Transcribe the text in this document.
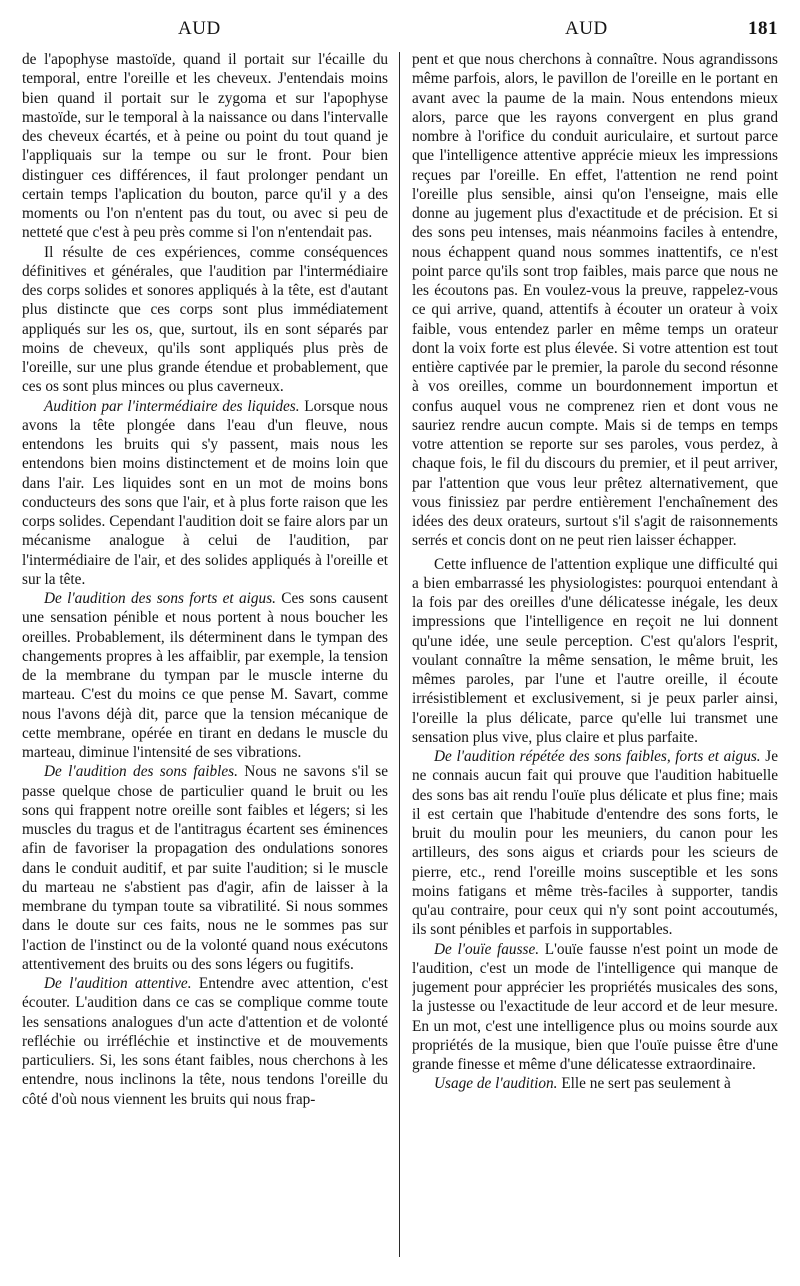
AUD	AUD	181

de l'apophyse mastoïde, quand il portait sur l'écaille du temporal, entre l'oreille et les cheveux. J'entendais moins bien quand il portait sur le zygoma et sur l'apophyse mastoïde, sur le temporal à la naissance ou dans l'intervalle des cheveux écartés, et à peine ou point du tout quand je l'appliquais sur la tempe ou sur le front. Pour bien distinguer ces différences, il faut prolonger pendant un certain temps l'aplication du bouton, parce qu'il y a des moments ou l'on n'entent pas du tout, ou avec si peu de netteté que c'est à peu près comme si l'on n'entendait pas.

Il résulte de ces expériences, comme conséquences définitives et générales, que l'audition par l'intermédiaire des corps solides et sonores appliqués à la tête, est d'autant plus distincte que ces corps sont plus immédiatement appliqués sur les os, que, surtout, ils en sont séparés par moins de cheveux, qu'ils sont appliqués plus près de l'oreille, sur une plus grande étendue et probablement, que ces os sont plus minces ou plus caverneux.

Audition par l'intermédiaire des liquides. Lorsque nous avons la tête plongée dans l'eau d'un fleuve, nous entendons les bruits qui s'y passent, mais nous les entendons bien moins distinctement et de moins loin que dans l'air. Les liquides sont en un mot de moins bons conducteurs des sons que l'air, et à plus forte raison que les corps solides. Cependant l'audition doit se faire alors par un mécanisme analogue à celui de l'audition, par l'intermédiaire de l'air, et des solides appliqués à l'oreille et sur la tête.

De l'audition des sons forts et aigus. Ces sons causent une sensation pénible et nous portent à nous boucher les oreilles. Probablement, ils déterminent dans le tympan des changements propres à les affaiblir, par exemple, la tension de la membrane du tympan par le muscle interne du marteau. C'est du moins ce que pense M. Savart, comme nous l'avons déjà dit, parce que la tension mécanique de cette membrane, opérée en tirant en dedans le muscle du marteau, diminue l'intensité de ses vibrations.

De l'audition des sons faibles. Nous ne savons s'il se passe quelque chose de particulier quand le bruit ou les sons qui frappent notre oreille sont faibles et légers; si les muscles du tragus et de l'antitragus écartent ses éminences afin de favoriser la propagation des ondulations sonores dans le conduit auditif, et par suite l'audition; si le muscle du marteau ne s'abstient pas d'agir, afin de laisser à la membrane du tympan toute sa vibratilité. Si nous sommes dans le doute sur ces faits, nous ne le sommes pas sur l'action de l'instinct ou de la volonté quand nous exécutons attentivement des bruits ou des sons légers ou fugitifs.

De l'audition attentive. Entendre avec attention, c'est écouter. L'audition dans ce cas se complique comme toute les sensations analogues d'un acte d'attention et de volonté refléchie ou irréfléchie et instinctive et de mouvements particuliers. Si, les sons étant faibles, nous cherchons à les entendre, nous inclinons la tête, nous tendons l'oreille du côté d'où nous viennent les bruits qui nous frap-

pent et que nous cherchons à connaître. Nous agrandissons même parfois, alors, le pavillon de l'oreille en le portant en avant avec la paume de la main. Nous entendons mieux alors, parce que les rayons convergent en plus grand nombre à l'orifice du conduit auriculaire, et surtout parce que l'intelligence attentive apprécie mieux les impressions reçues par l'oreille. En effet, l'attention ne rend point l'oreille plus sensible, ainsi qu'on l'enseigne, mais elle donne au jugement plus d'exactitude et de précision. Et si des sons peu intenses, mais néanmoins faciles à entendre, nous échappent quand nous sommes inattentifs, ce n'est point parce qu'ils sont trop faibles, mais parce que nous ne les écoutons pas. En voulez-vous la preuve, rappelez-vous ce qui arrive, quand, attentifs à écouter un orateur à voix faible, vous entendez parler en même temps un orateur dont la voix forte est plus élevée. Si votre attention est tout entière captivée par le premier, la parole du second résonne à vos oreilles, comme un bourdonnement importun et confus auquel vous ne comprenez rien et dont vous ne sauriez rendre aucun compte. Mais si de temps en temps votre attention se reporte sur ses paroles, vous perdez, à chaque fois, le fil du discours du premier, et il peut arriver, par l'attention que vous leur prêtez alternativement, que vous finissiez par perdre entièrement l'enchaînement des idées des deux orateurs, surtout s'il s'agit de raisonnements serrés et concis dont on ne peut rien laisser échapper.

Cette influence de l'attention explique une difficulté qui a bien embarrassé les physiologistes: pourquoi entendant à la fois par des oreilles d'une délicatesse inégale, les deux impressions que l'intelligence en reçoit ne lui donnent qu'une idée, une seule perception. C'est qu'alors l'esprit, voulant connaître la même sensation, le même bruit, les mêmes paroles, par l'une et l'autre oreille, il écoute irrésistiblement et exclusivement, si je peux parler ainsi, l'oreille la plus délicate, parce qu'elle lui transmet une sensation plus vive, plus claire et plus parfaite.

De l'audition répétée des sons faibles, forts et aigus. Je ne connais aucun fait qui prouve que l'audition habituelle des sons bas ait rendu l'ouïe plus délicate et plus fine; mais il est certain que l'habitude d'entendre des sons forts, le bruit du moulin pour les meuniers, du canon pour les artilleurs, des sons aigus et criards pour les scieurs de pierre, etc., rend l'oreille moins susceptible et les sons moins fatigans et même très-faciles à supporter, tandis qu'au contraire, pour ceux qui n'y sont point accoutumés, ils sont pénibles et parfois in supportables.

De l'ouïe fausse. L'ouïe fausse n'est point un mode de l'audition, c'est un mode de l'intelligence qui manque de jugement pour apprécier les propriétés musicales des sons, la justesse ou l'exactitude de leur accord et de leur mesure. En un mot, c'est une intelligence plus ou moins sourde aux propriétés de la musique, bien que l'ouïe puisse être d'une grande finesse et même d'une délicatesse extraordinaire.

Usage de l'audition. Elle ne sert pas seulement à
